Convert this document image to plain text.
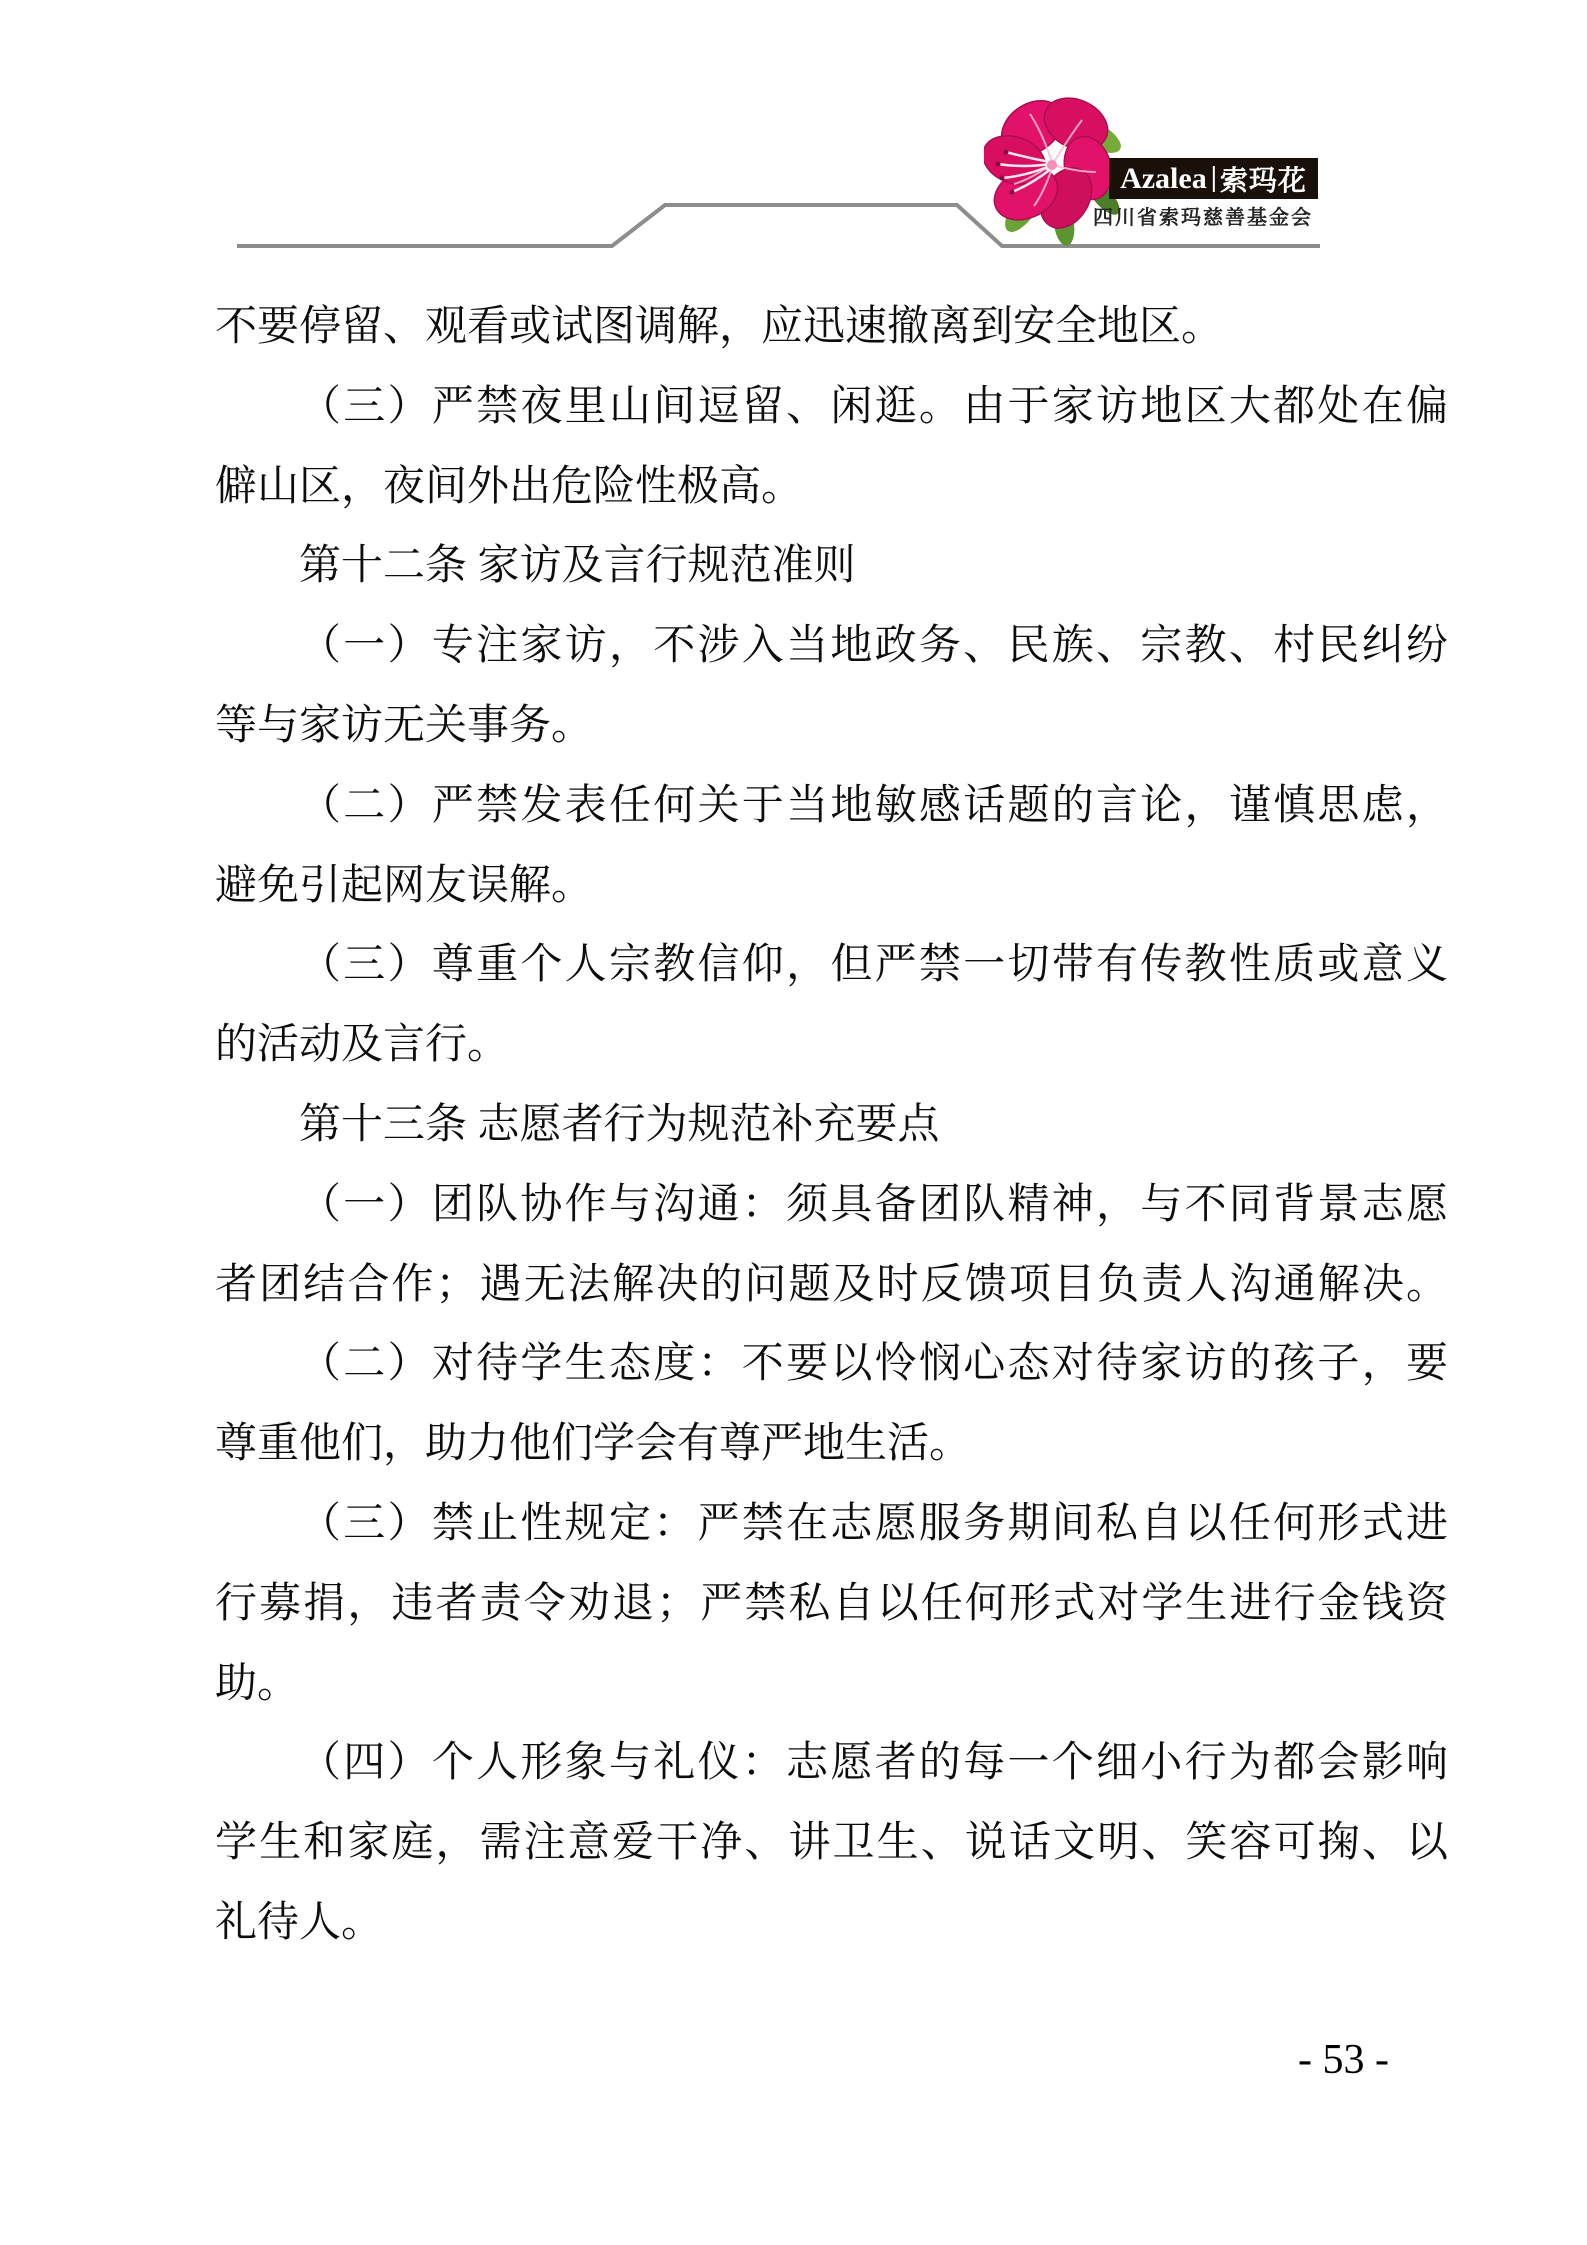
Azalea | 索玛花
四川省索玛慈善基金会
不要停留、观看或试图调解，应迅速撤离到安全地区。
（三）严禁夜里山间逗留、闲逛。由于家访地区大都处在偏
僻山区，夜间外出危险性极高。
第十二条 家访及言行规范准则
（一）专注家访，不涉入当地政务、民族、宗教、村民纠纷
等与家访无关事务。
（二）严禁发表任何关于当地敏感话题的言论，谨慎思虑，
避免引起网友误解。
（三）尊重个人宗教信仰，但严禁一切带有传教性质或意义
的活动及言行。
第十三条 志愿者行为规范补充要点
（一）团队协作与沟通：须具备团队精神，与不同背景志愿
者团结合作；遇无法解决的问题及时反馈项目负责人沟通解决。
（二）对待学生态度：不要以怜悯心态对待家访的孩子，要
尊重他们，助力他们学会有尊严地生活。
（三）禁止性规定：严禁在志愿服务期间私自以任何形式进
行募捐，违者责令劝退；严禁私自以任何形式对学生进行金钱资
助。
（四）个人形象与礼仪：志愿者的每一个细小行为都会影响
学生和家庭，需注意爱干净、讲卫生、说话文明、笑容可掬、以
礼待人。
- 53 -
